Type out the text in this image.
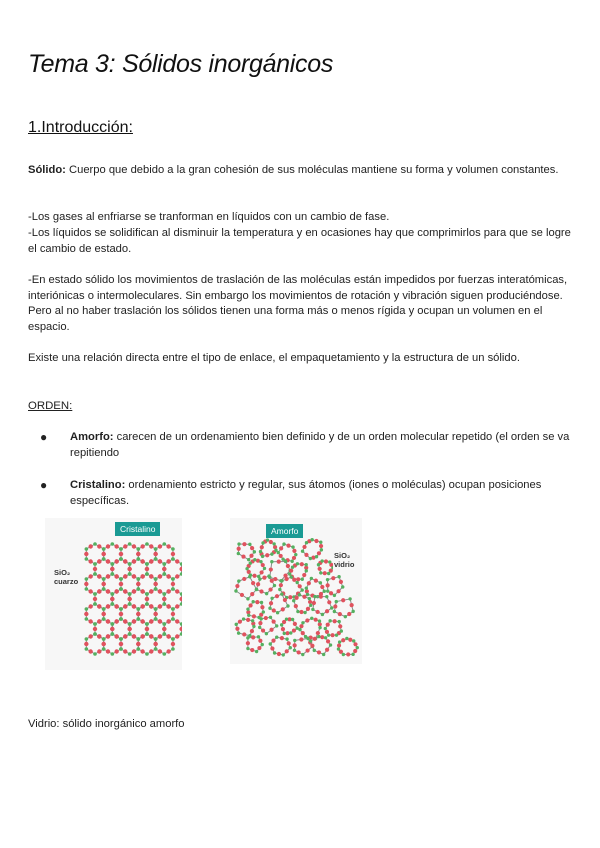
Tema 3: Sólidos inorgánicos
1.Introducción:

Sólido: Cuerpo que debido a la gran cohesión de sus moléculas mantiene su forma y volumen constantes.

-Los gases al enfriarse se tranforman en líquidos con un cambio de fase.

-Los líquidos se solidifican al disminuir la temperatura y en ocasiones hay que comprimirlos para que se logre el cambio de estado.

-En estado sólido los movimientos de traslación de las moléculas están impedidos por fuerzas interatómicas, interiónicas o intermoleculares. Sin embargo los movimientos de rotación y vibración siguen produciéndose. Pero al no haber traslación los sólidos tienen una forma más o menos rígida y ocupan un volumen en el espacio.

Existe una relación directa entre el tipo de enlace, el empaquetamiento y la estructura de un sólido.

ORDEN:

● Amorfo: carecen de un ordenamiento bien definido y de un orden molecular repetido (el orden se va repitiendo

● Cristalino: ordenamiento estricto y regular, sus átomos (iones o moléculas) ocupan posiciones específicas.

Cristalino
SiO₂
cuarzo
Amorfo
SiO₂
vidrio

Vidrio: sólido inorgánico amorfo
